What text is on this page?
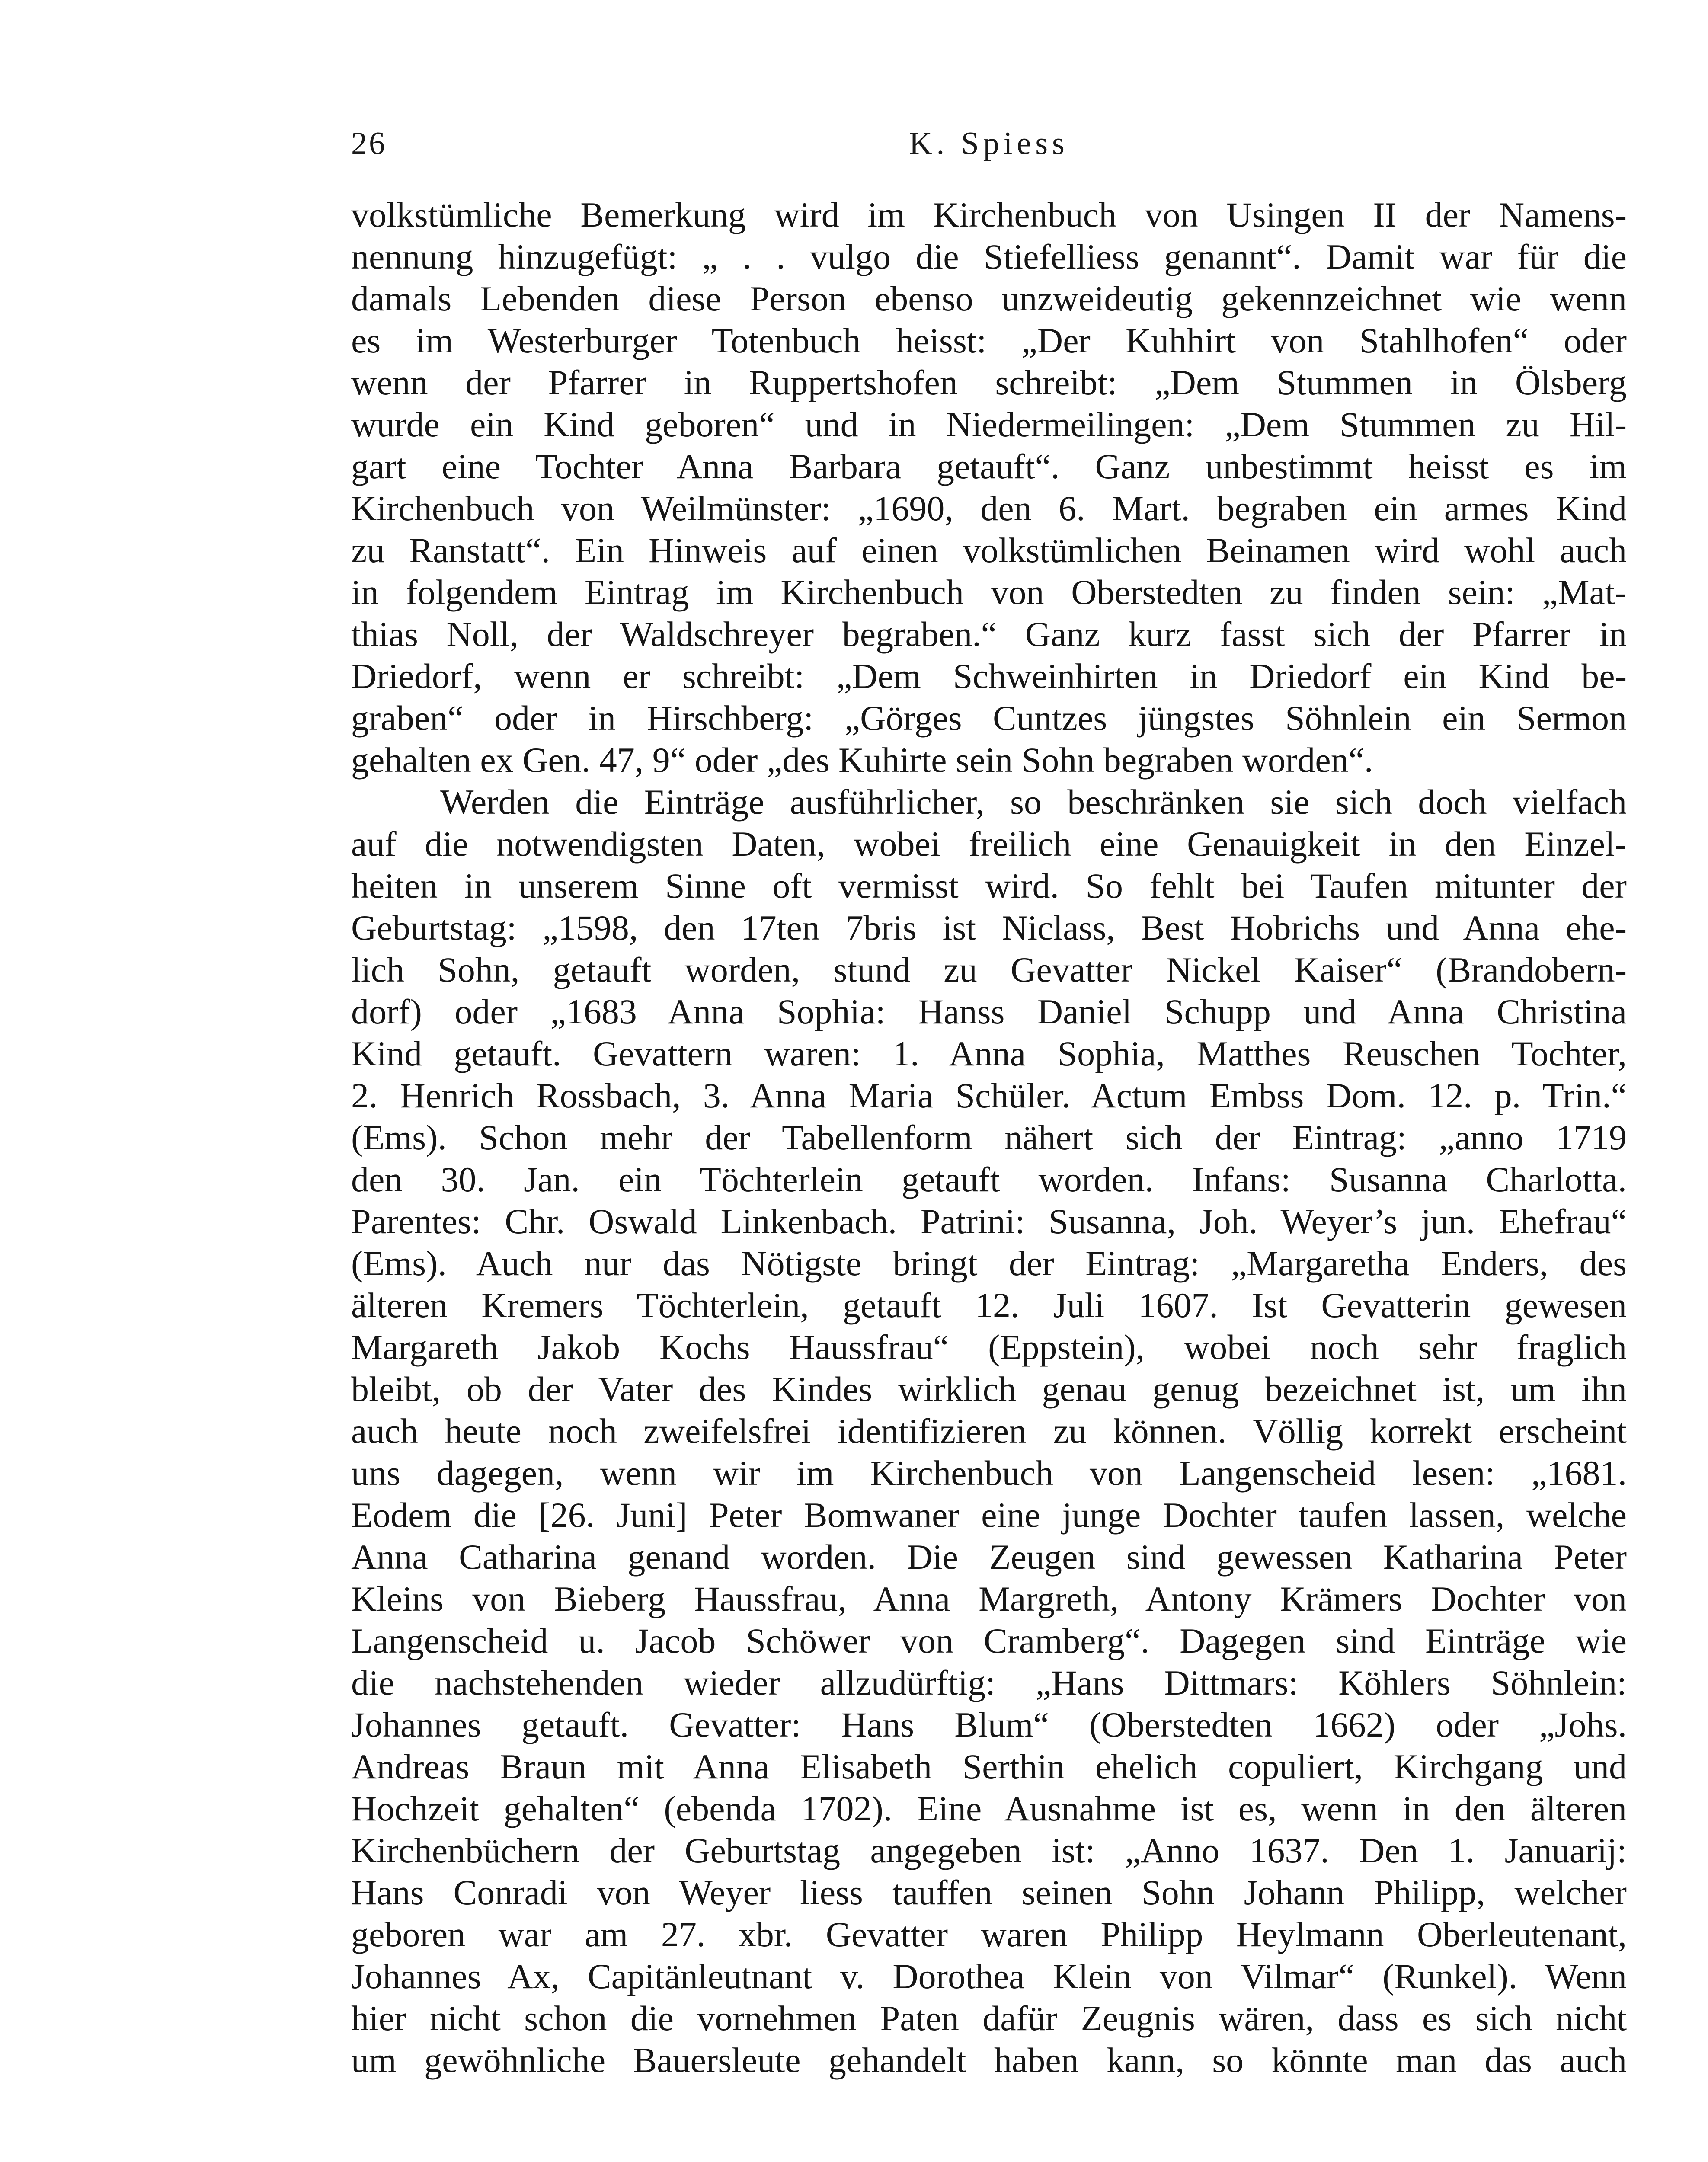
26	K. Spiess
volkstümliche Bemerkung wird im Kirchenbuch von Usingen II der Namens-
nennung hinzugefügt: „ . . vulgo die Stiefelliess genannt“. Damit war für die
damals Lebenden diese Person ebenso unzweideutig gekennzeichnet wie wenn
es im Westerburger Totenbuch heisst: „Der Kuhhirt von Stahlhofen“ oder
wenn der Pfarrer in Ruppertshofen schreibt: „Dem Stummen in Ölsberg
wurde ein Kind geboren“ und in Niedermeilingen: „Dem Stummen zu Hil-
gart eine Tochter Anna Barbara getauft“. Ganz unbestimmt heisst es im
Kirchenbuch von Weilmünster: „1690, den 6. Mart. begraben ein armes Kind
zu Ranstatt“. Ein Hinweis auf einen volkstümlichen Beinamen wird wohl auch
in folgendem Eintrag im Kirchenbuch von Oberstedten zu finden sein: „Mat-
thias Noll, der Waldschreyer begraben.“ Ganz kurz fasst sich der Pfarrer in
Driedorf, wenn er schreibt: „Dem Schweinhirten in Driedorf ein Kind be-
graben“ oder in Hirschberg: „Görges Cuntzes jüngstes Söhnlein ein Sermon
gehalten ex Gen. 47, 9“ oder „des Kuhirte sein Sohn begraben worden“.
Werden die Einträge ausführlicher, so beschränken sie sich doch vielfach
auf die notwendigsten Daten, wobei freilich eine Genauigkeit in den Einzel-
heiten in unserem Sinne oft vermisst wird. So fehlt bei Taufen mitunter der
Geburtstag: „1598, den 17ten 7bris ist Niclass, Best Hobrichs und Anna ehe-
lich Sohn, getauft worden, stund zu Gevatter Nickel Kaiser“ (Brandobern-
dorf) oder „1683 Anna Sophia: Hanss Daniel Schupp und Anna Christina
Kind getauft. Gevattern waren: 1. Anna Sophia, Matthes Reuschen Tochter,
2. Henrich Rossbach, 3. Anna Maria Schüler. Actum Embss Dom. 12. p. Trin.“
(Ems). Schon mehr der Tabellenform nähert sich der Eintrag: „anno 1719
den 30. Jan. ein Töchterlein getauft worden. Infans: Susanna Charlotta.
Parentes: Chr. Oswald Linkenbach. Patrini: Susanna, Joh. Weyer’s jun. Ehefrau“
(Ems). Auch nur das Nötigste bringt der Eintrag: „Margaretha Enders, des
älteren Kremers Töchterlein, getauft 12. Juli 1607. Ist Gevatterin gewesen
Margareth Jakob Kochs Haussfrau“ (Eppstein), wobei noch sehr fraglich
bleibt, ob der Vater des Kindes wirklich genau genug bezeichnet ist, um ihn
auch heute noch zweifelsfrei identifizieren zu können. Völlig korrekt erscheint
uns dagegen, wenn wir im Kirchenbuch von Langenscheid lesen: „1681.
Eodem die [26. Juni] Peter Bomwaner eine junge Dochter taufen lassen, welche
Anna Catharina genand worden. Die Zeugen sind gewessen Katharina Peter
Kleins von Bieberg Haussfrau, Anna Margreth, Antony Krämers Dochter von
Langenscheid u. Jacob Schöwer von Cramberg“. Dagegen sind Einträge wie
die nachstehenden wieder allzudürftig: „Hans Dittmars: Köhlers Söhnlein:
Johannes getauft. Gevatter: Hans Blum“ (Oberstedten 1662) oder „Johs.
Andreas Braun mit Anna Elisabeth Serthin ehelich copuliert, Kirchgang und
Hochzeit gehalten“ (ebenda 1702). Eine Ausnahme ist es, wenn in den älteren
Kirchenbüchern der Geburtstag angegeben ist: „Anno 1637. Den 1. Januarij:
Hans Conradi von Weyer liess tauffen seinen Sohn Johann Philipp, welcher
geboren war am 27. xbr. Gevatter waren Philipp Heylmann Oberleutenant,
Johannes Ax, Capitänleutnant v. Dorothea Klein von Vilmar“ (Runkel). Wenn
hier nicht schon die vornehmen Paten dafür Zeugnis wären, dass es sich nicht
um gewöhnliche Bauersleute gehandelt haben kann, so könnte man das auch
